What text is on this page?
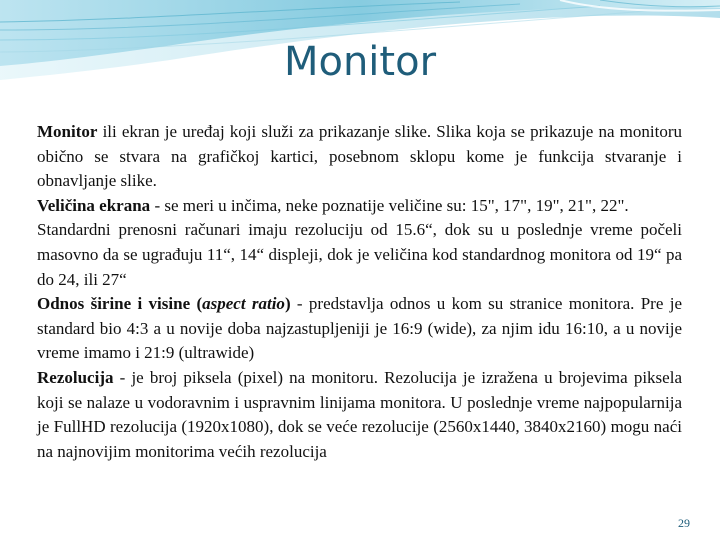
Monitor

Monitor ili ekran je uređaj koji služi za prikazanje slike. Slika koja se prikazuje na monitoru obično se stvara na grafičkoj kartici, posebnom sklopu kome je funkcija stvaranje i obnavljanje slike.

Veličina ekrana - se meri u inčima, neke poznatije veličine su: 15", 17", 19", 21", 22".

Standardni prenosni računari imaju rezoluciju od 15.6“, dok su u poslednje vreme počeli masovno da se ugrađuju 11“, 14“ displeji, dok je veličina kod standardnog monitora od 19“ pa do 24, ili 27“

Odnos širine i visine (aspect ratio) - predstavlja odnos u kom su stranice monitora. Pre je standard bio 4:3 a u novije doba najzastupljeniji je 16:9 (wide), za njim idu 16:10, a u novije vreme imamo i 21:9 (ultrawide)

Rezolucija - je broj piksela (pixel) na monitoru. Rezolucija je izražena u brojevima piksela koji se nalaze u vodoravnim i uspravnim linijama monitora. U poslednje vreme najpopularnija je FullHD rezolucija (1920x1080), dok se veće rezolucije (2560x1440, 3840x2160) mogu naći na najnovijim monitorima većih rezolucija

29
